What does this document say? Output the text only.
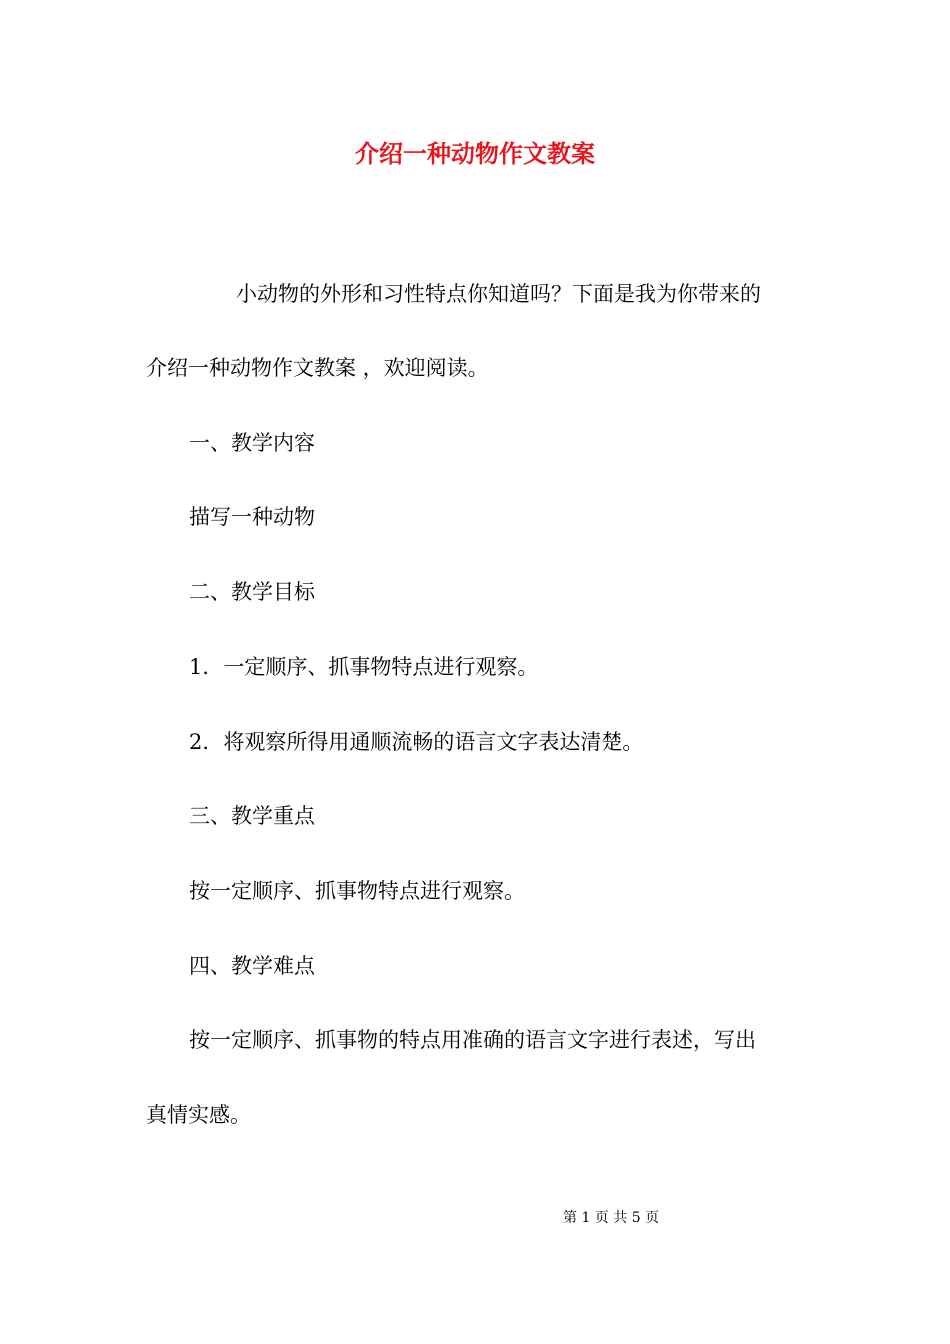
介绍一种动物作文教案

小动物的外形和习性特点你知道吗？下面是我为你带来的

介绍一种动物作文教案 ，欢迎阅读。

一、教学内容

描写一种动物

二、教学目标

1．一定顺序、抓事物特点进行观察。

2．将观察所得用通顺流畅的语言文字表达清楚。

三、教学重点

按一定顺序、抓事物特点进行观察。

四、教学难点

按一定顺序、抓事物的特点用准确的语言文字进行表述，写出

真情实感。

第 1 页 共 5 页
